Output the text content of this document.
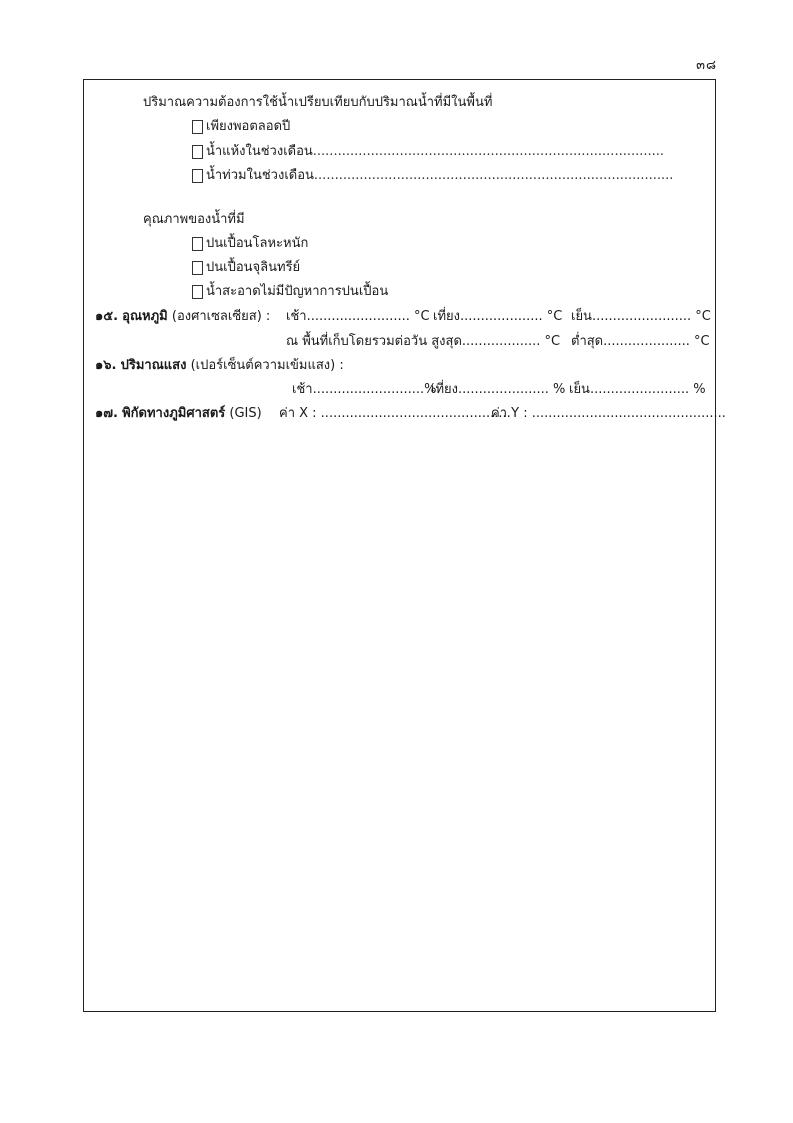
๓๘
ปริมาณความต้องการใช้น้ำเปรียบเทียบกับปริมาณน้ำที่มีในพื้นที่
เพียงพอตลอดปี
น้ำแห้งในช่วงเดือน .....................................................................................
น้ำท่วมในช่วงเดือน .......................................................................................
คุณภาพของน้ำที่มี
ปนเปื้อนโลหะหนัก
ปนเปื้อนจุลินทรีย์
น้ำสะอาดไม่มีปัญหาการปนเปื้อน
๑๕. อุณหภูมิ (องศาเซลเซียส) : เช้า......................... °C เที่ยง.................... °C เย็น........................ °C
ณ พื้นที่เก็บโดยรวมต่อวัน สูงสุด................... °C ต่ำสุด..................... °C
๑๖. ปริมาณแสง (เปอร์เซ็นต์ความเข้มแสง) :
เช้า...........................%
เที่ยง...................... % เย็น........................ %
๑๗. พิกัดทางภูมิศาสตร์ (GIS) ค่า X : ..............................................
ค่า Y : ...............................................
